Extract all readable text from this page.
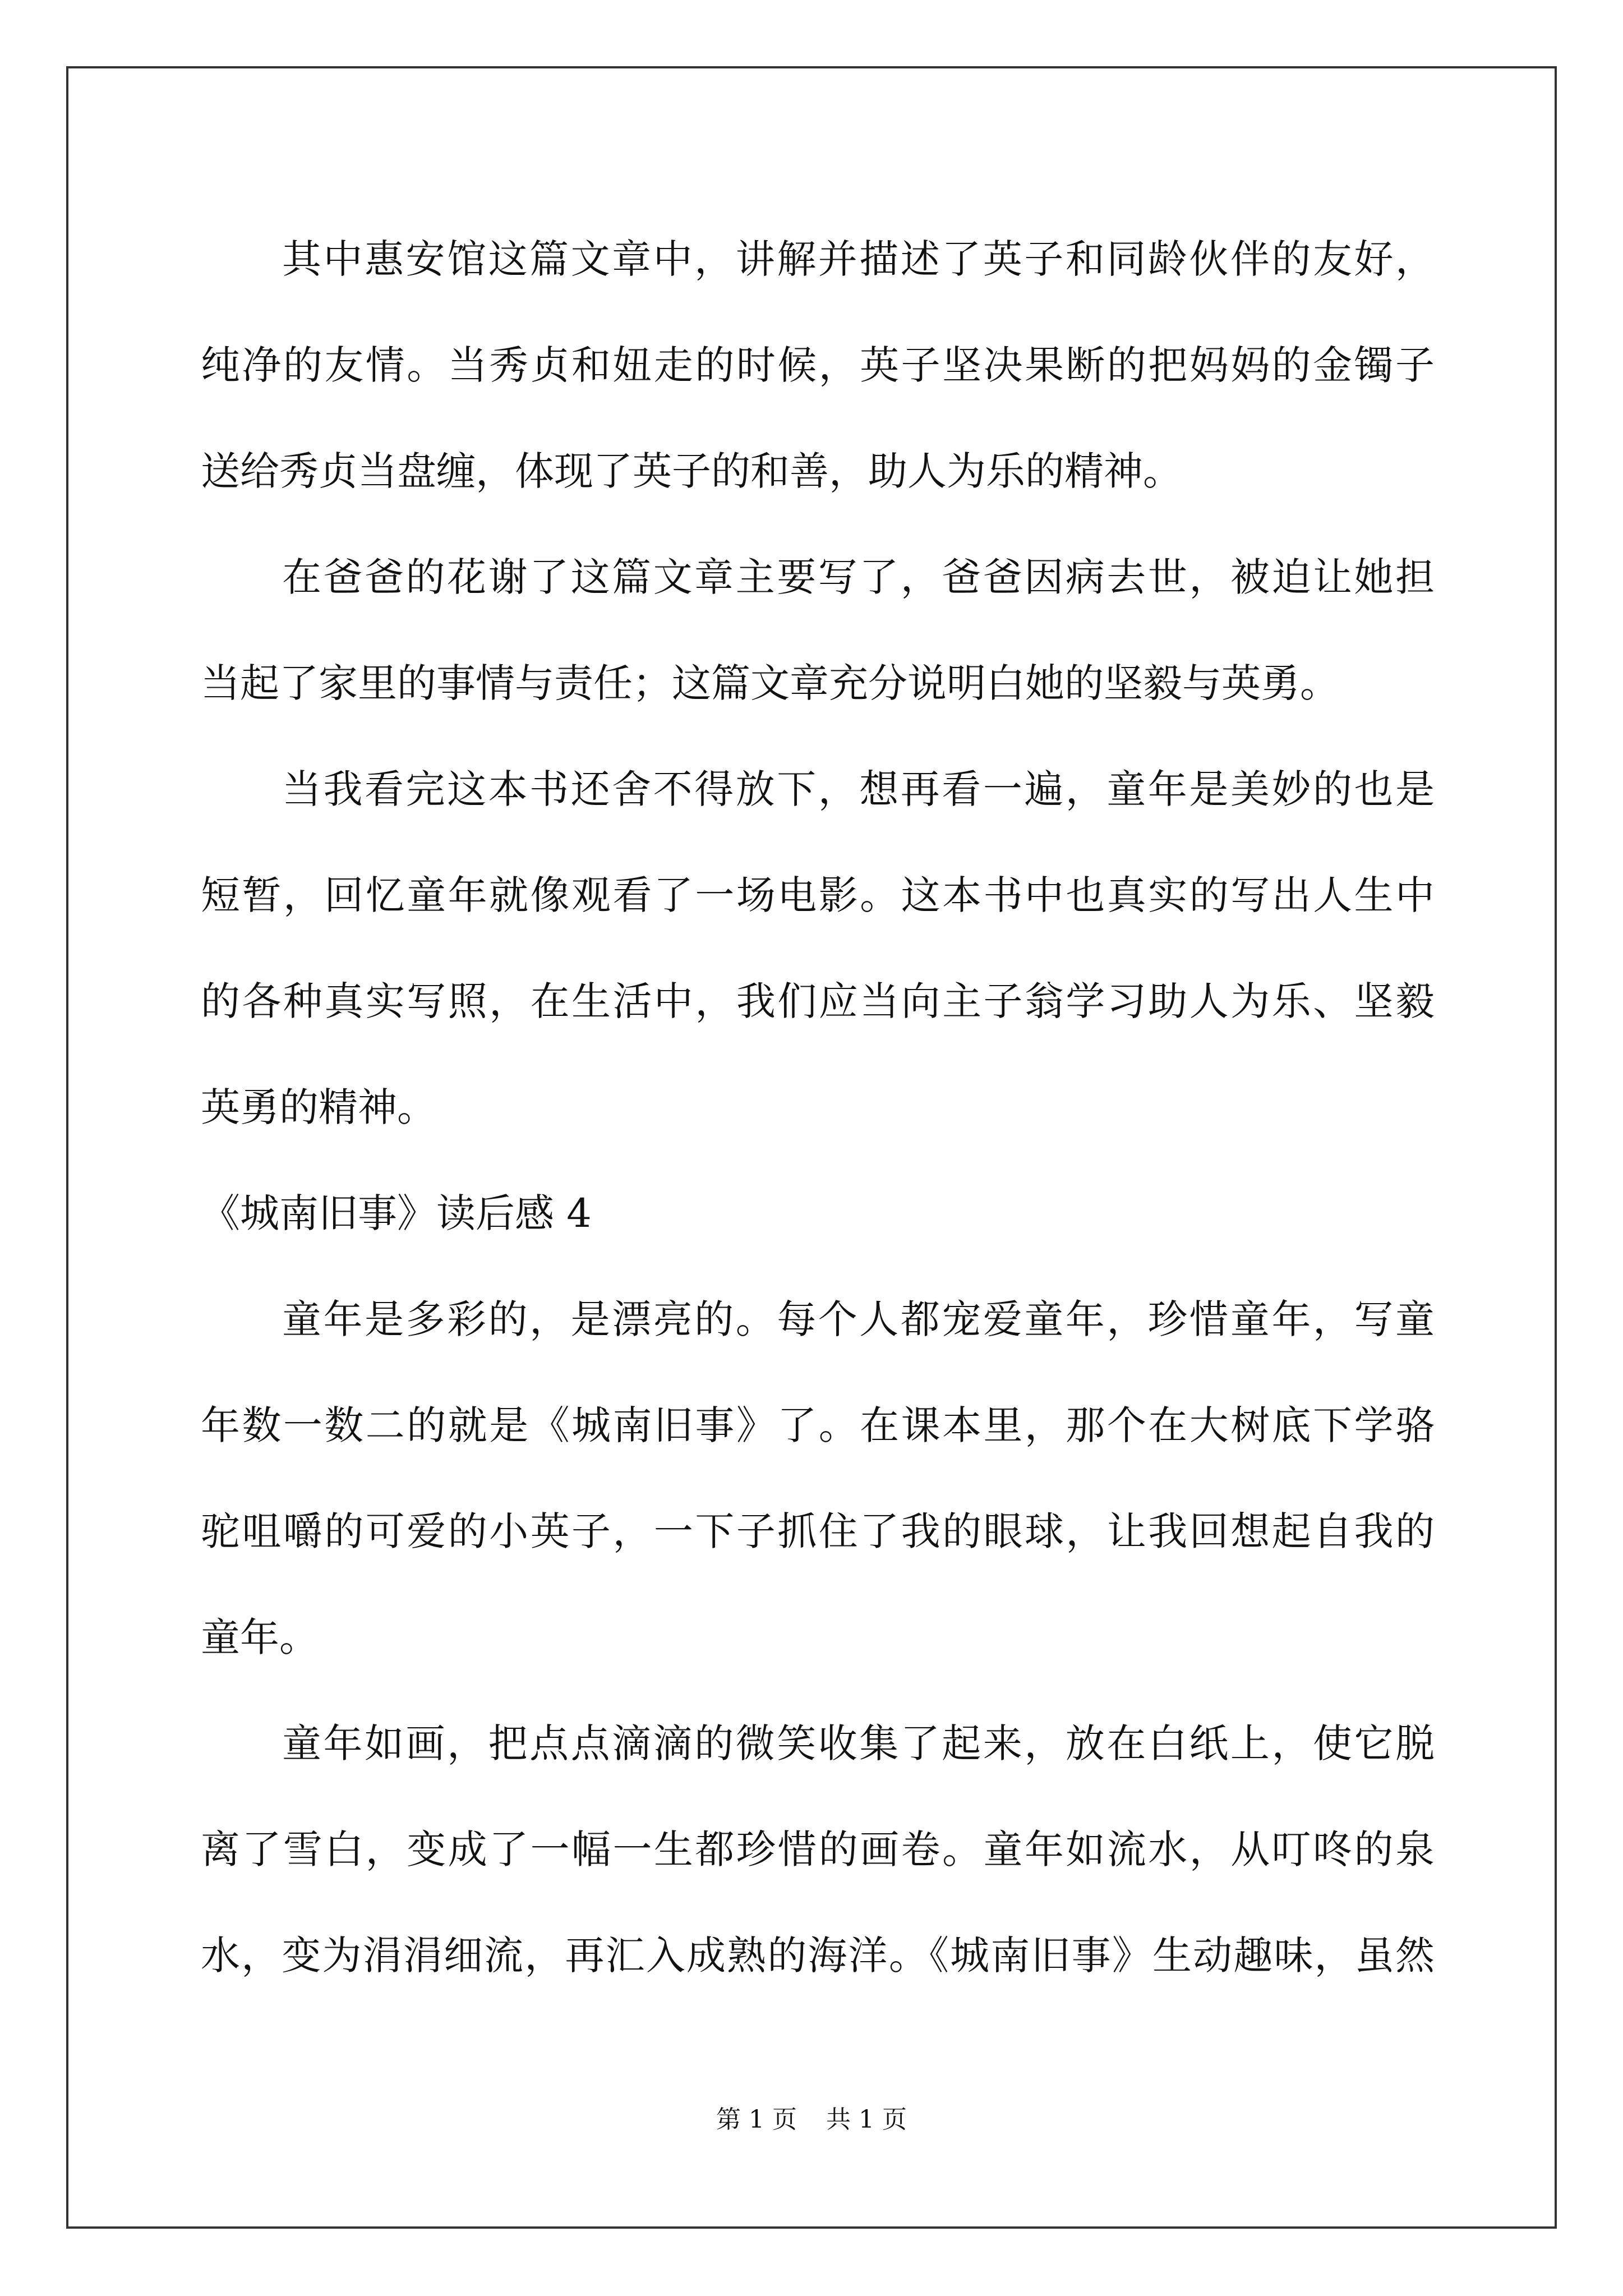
其中惠安馆这篇文章中，讲解并描述了英子和同龄伙伴的友好，
纯净的友情。当秀贞和妞走的时候，英子坚决果断的把妈妈的金镯子
送给秀贞当盘缠，体现了英子的和善，助人为乐的精神。
在爸爸的花谢了这篇文章主要写了，爸爸因病去世，被迫让她担
当起了家里的事情与责任；这篇文章充分说明白她的坚毅与英勇。
当我看完这本书还舍不得放下，想再看一遍，童年是美妙的也是
短暂，回忆童年就像观看了一场电影。这本书中也真实的写出人生中
的各种真实写照，在生活中，我们应当向主子翁学习助人为乐、坚毅
英勇的精神。
《城南旧事》读后感 4
童年是多彩的，是漂亮的。每个人都宠爱童年，珍惜童年，写童
年数一数二的就是《城南旧事》了。在课本里，那个在大树底下学骆
驼咀嚼的可爱的小英子，一下子抓住了我的眼球，让我回想起自我的
童年。
童年如画，把点点滴滴的微笑收集了起来，放在白纸上，使它脱
离了雪白，变成了一幅一生都珍惜的画卷。童年如流水，从叮咚的泉
水，变为涓涓细流，再汇入成熟的海洋。《城南旧事》生动趣味，虽然
第 1 页 共 1 页
